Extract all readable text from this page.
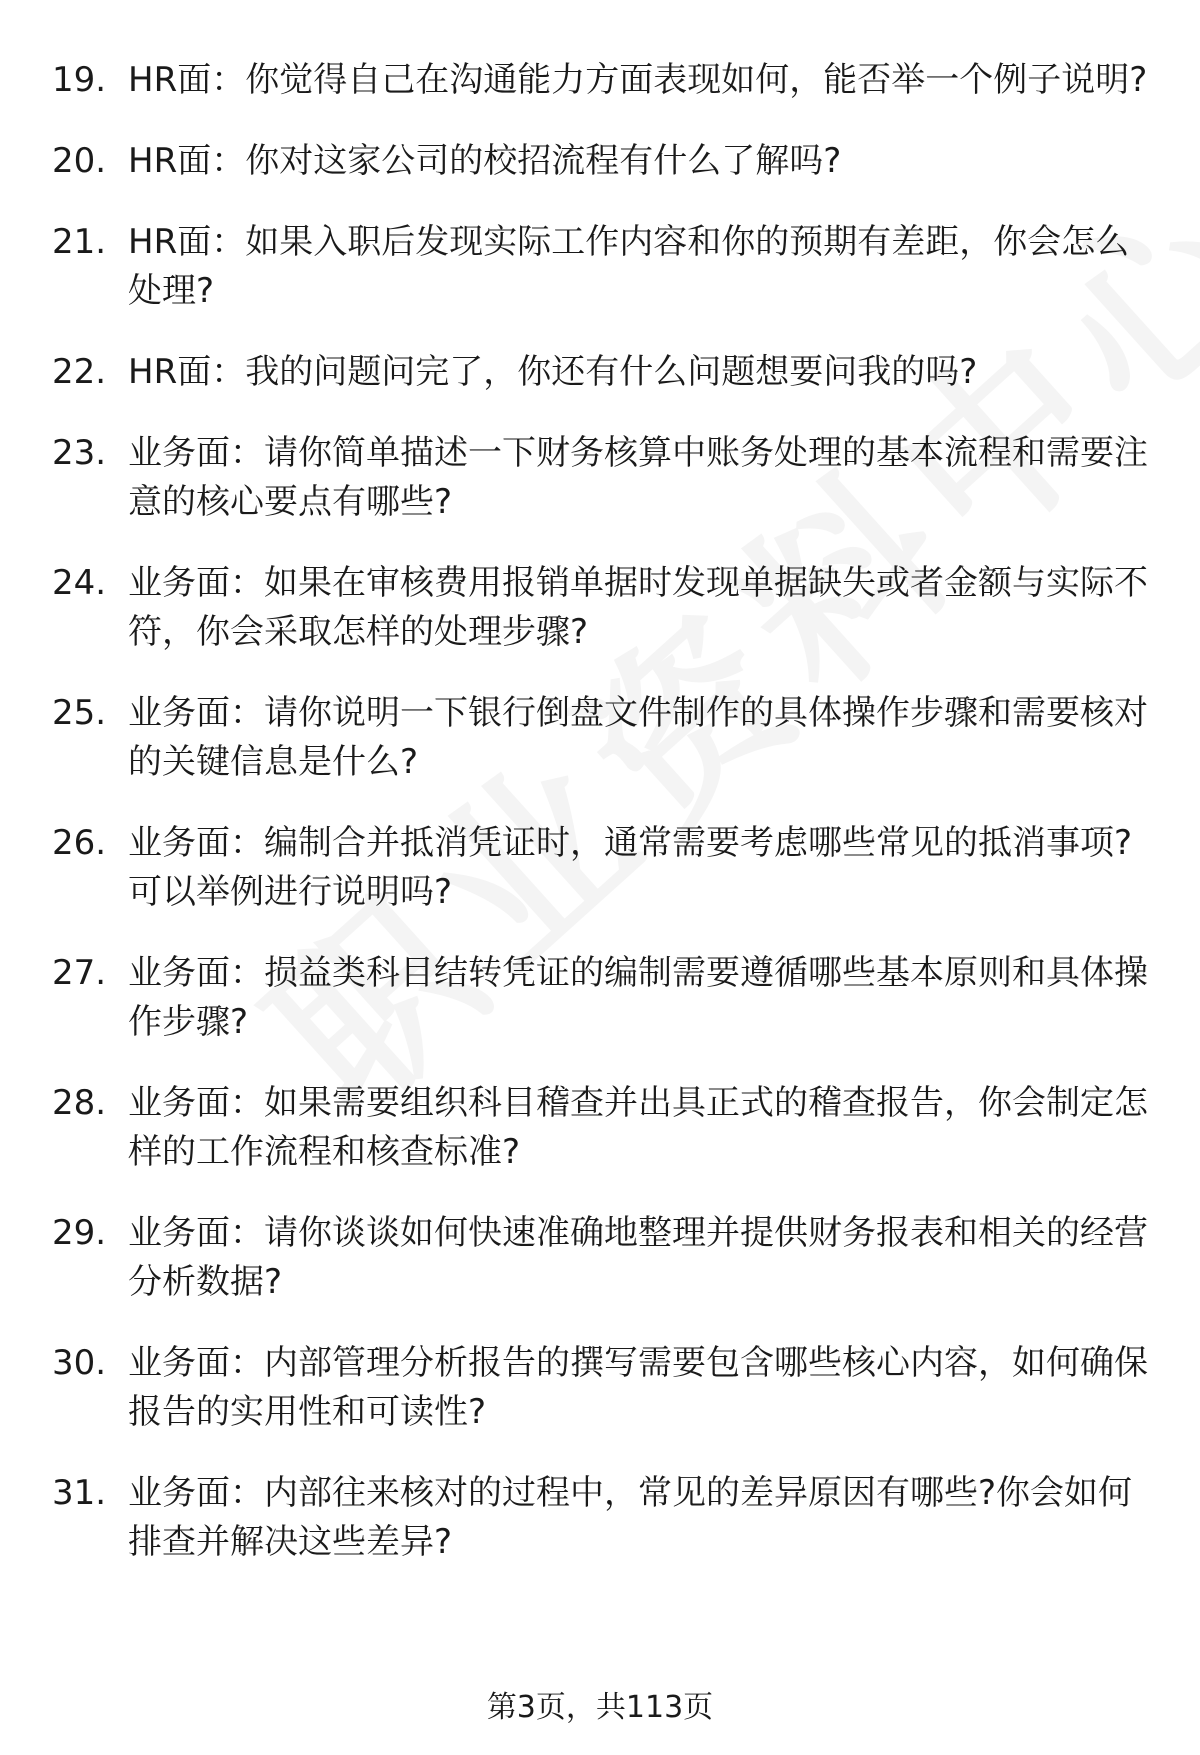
19. HR面：你觉得自己在沟通能力方面表现如何，能否举一个例子说明?
20. HR面：你对这家公司的校招流程有什么了解吗?
21. HR面：如果入职后发现实际工作内容和你的预期有差距，你会怎么处理?
22. HR面：我的问题问完了，你还有什么问题想要问我的吗?
23. 业务面：请你简单描述一下财务核算中账务处理的基本流程和需要注意的核心要点有哪些?
24. 业务面：如果在审核费用报销单据时发现单据缺失或者金额与实际不符，你会采取怎样的处理步骤?
25. 业务面：请你说明一下银行倒盘文件制作的具体操作步骤和需要核对的关键信息是什么?
26. 业务面：编制合并抵消凭证时，通常需要考虑哪些常见的抵消事项?可以举例进行说明吗?
27. 业务面：损益类科目结转凭证的编制需要遵循哪些基本原则和具体操作步骤?
28. 业务面：如果需要组织科目稽查并出具正式的稽查报告，你会制定怎样的工作流程和核查标准?
29. 业务面：请你谈谈如何快速准确地整理并提供财务报表和相关的经营分析数据?
30. 业务面：内部管理分析报告的撰写需要包含哪些核心内容，如何确保报告的实用性和可读性?
31. 业务面：内部往来核对的过程中，常见的差异原因有哪些?你会如何排查并解决这些差异?
第3页，共113页
